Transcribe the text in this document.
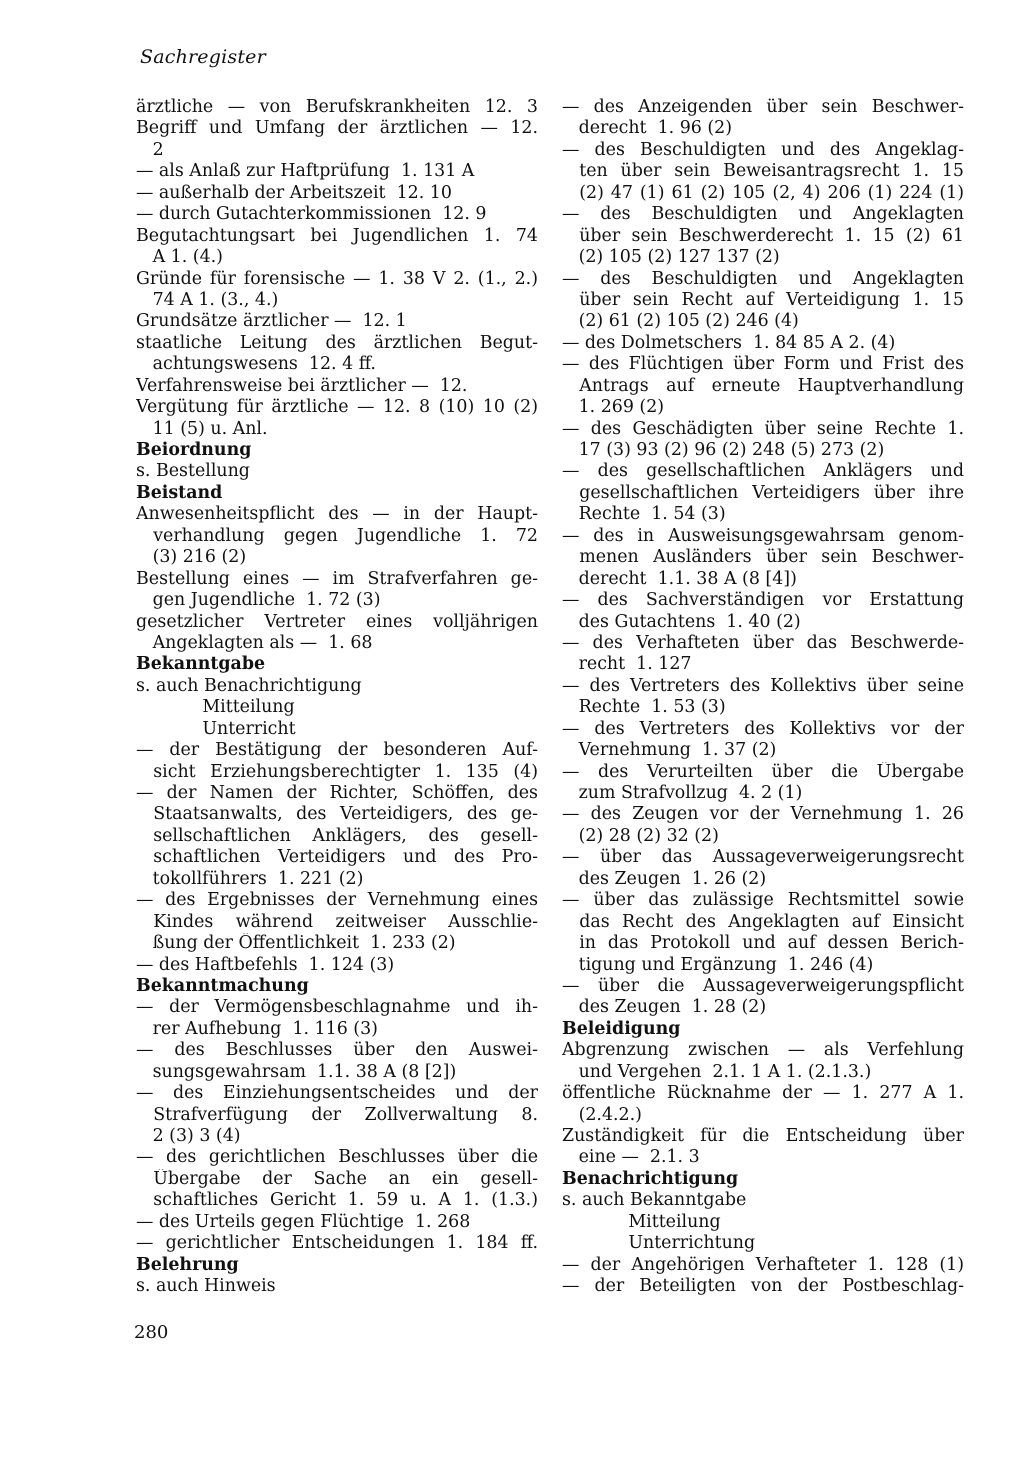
Sachregister
ärztliche — von Berufskrankheiten 12. 3
Begriff und Umfang der ärztlichen — 12.
2
— als Anlaß zur Haftprüfung  1. 131 A
— außerhalb der Arbeitszeit  12. 10
— durch Gutachterkommissionen  12. 9
Begutachtungsart bei Jugendlichen 1. 74
A 1. (4.)
Gründe für forensische — 1. 38 V 2. (1., 2.)
74 A 1. (3., 4.)
Grundsätze ärztlicher —  12. 1
staatliche Leitung des ärztlichen Begut-
achtungswesens  12. 4 ff.
Verfahrensweise bei ärztlicher —  12.
Vergütung für ärztliche — 12. 8 (10) 10 (2)
11 (5) u. Anl.
Beiordnung
s. Bestellung
Beistand
Anwesenheitspflicht des — in der Haupt-
verhandlung gegen Jugendliche 1. 72
(3) 216 (2)
Bestellung eines — im Strafverfahren ge-
gen Jugendliche  1. 72 (3)
gesetzlicher Vertreter eines volljährigen
Angeklagten als —  1. 68
Bekanntgabe
s. auch Benachrichtigung
Mitteilung
Unterricht
— der Bestätigung der besonderen Auf-
sicht Erziehungsberechtigter 1. 135 (4)
— der Namen der Richter, Schöffen, des
Staatsanwalts, des Verteidigers, des ge-
sellschaftlichen Anklägers, des gesell-
schaftlichen Verteidigers und des Pro-
tokollführers  1. 221 (2)
— des Ergebnisses der Vernehmung eines
Kindes während zeitweiser Ausschlie-
ßung der Öffentlichkeit  1. 233 (2)
— des Haftbefehls  1. 124 (3)
Bekanntmachung
— der Vermögensbeschlagnahme und ih-
rer Aufhebung  1. 116 (3)
— des Beschlusses über den Auswei-
sungsgewahrsam  1.1. 38 A (8 [2])
— des Einziehungsentscheides und der
Strafverfügung der Zollverwaltung 8.
2 (3) 3 (4)
— des gerichtlichen Beschlusses über die
Übergabe der Sache an ein gesell-
schaftliches Gericht 1. 59 u. A 1. (1.3.)
— des Urteils gegen Flüchtige  1. 268
— gerichtlicher Entscheidungen 1. 184 ff.
Belehrung
s. auch Hinweis
— des Anzeigenden über sein Beschwer-
derecht  1. 96 (2)
— des Beschuldigten und des Angeklag-
ten über sein Beweisantragsrecht 1. 15
(2) 47 (1) 61 (2) 105 (2, 4) 206 (1) 224 (1)
— des Beschuldigten und Angeklagten
über sein Beschwerderecht 1. 15 (2) 61
(2) 105 (2) 127 137 (2)
— des Beschuldigten und Angeklagten
über sein Recht auf Verteidigung 1. 15
(2) 61 (2) 105 (2) 246 (4)
— des Dolmetschers  1. 84 85 A 2. (4)
— des Flüchtigen über Form und Frist des
Antrags auf erneute Hauptverhandlung
1. 269 (2)
— des Geschädigten über seine Rechte 1.
17 (3) 93 (2) 96 (2) 248 (5) 273 (2)
— des gesellschaftlichen Anklägers und
gesellschaftlichen Verteidigers über ihre
Rechte  1. 54 (3)
— des in Ausweisungsgewahrsam genom-
menen Ausländers über sein Beschwer-
derecht  1.1. 38 A (8 [4])
— des Sachverständigen vor Erstattung
des Gutachtens  1. 40 (2)
— des Verhafteten über das Beschwerde-
recht  1. 127
— des Vertreters des Kollektivs über seine
Rechte  1. 53 (3)
— des Vertreters des Kollektivs vor der
Vernehmung  1. 37 (2)
— des Verurteilten über die Übergabe
zum Strafvollzug  4. 2 (1)
— des Zeugen vor der Vernehmung 1. 26
(2) 28 (2) 32 (2)
— über das Aussageverweigerungsrecht
des Zeugen  1. 26 (2)
— über das zulässige Rechtsmittel sowie
das Recht des Angeklagten auf Einsicht
in das Protokoll und auf dessen Berich-
tigung und Ergänzung  1. 246 (4)
— über die Aussageverweigerungspflicht
des Zeugen  1. 28 (2)
Beleidigung
Abgrenzung zwischen — als Verfehlung
und Vergehen  2.1. 1 A 1. (2.1.3.)
öffentliche Rücknahme der — 1. 277 A 1.
(2.4.2.)
Zuständigkeit für die Entscheidung über
eine —  2.1. 3
Benachrichtigung
s. auch Bekanntgabe
Mitteilung
Unterrichtung
— der Angehörigen Verhafteter 1. 128 (1)
— der Beteiligten von der Postbeschlag-
280
